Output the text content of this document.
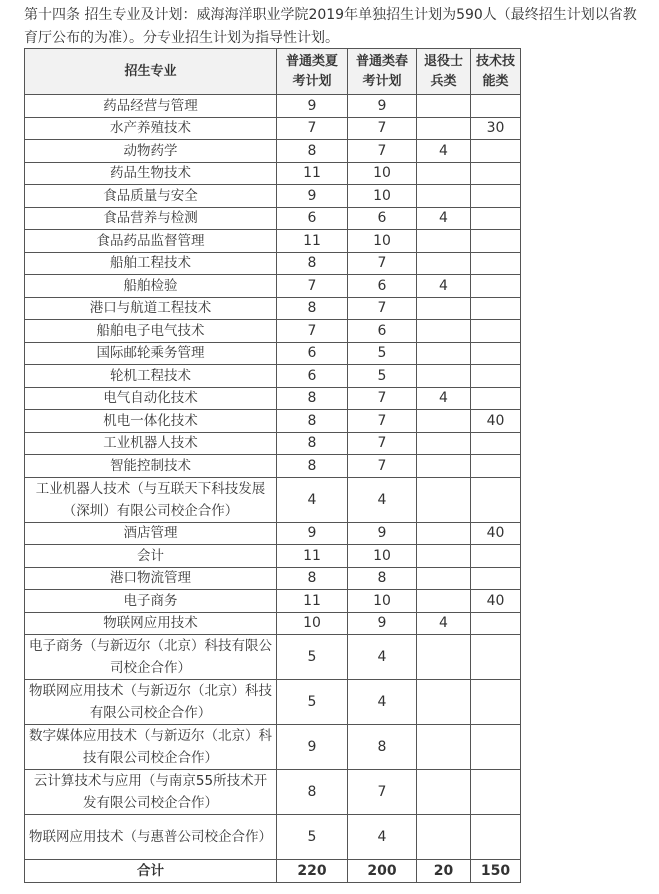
第十四条 招生专业及计划：威海海洋职业学院2019年单独招生计划为590人（最终招生计划以省教育厅公布的为准）。分专业招生计划为指导性计划。

招生专业	普通类夏考计划	普通类春考计划	退役士兵类	技术技能类
药品经营与管理	9	9		
水产养殖技术	7	7		30
动物药学	8	7	4	
药品生物技术	11	10		
食品质量与安全	9	10		
食品营养与检测	6	6	4	
食品药品监督管理	11	10		
船舶工程技术	8	7		
船舶检验	7	6	4	
港口与航道工程技术	8	7		
船舶电子电气技术	7	6		
国际邮轮乘务管理	6	5		
轮机工程技术	6	5		
电气自动化技术	8	7	4	
机电一体化技术	8	7		40
工业机器人技术	8	7		
智能控制技术	8	7		
工业机器人技术（与互联天下科技发展（深圳）有限公司校企合作）	4	4		
酒店管理	9	9		40
会计	11	10		
港口物流管理	8	8		
电子商务	11	10		40
物联网应用技术	10	9	4	
电子商务（与新迈尔（北京）科技有限公司校企合作）	5	4		
物联网应用技术（与新迈尔（北京）科技有限公司校企合作）	5	4		
数字媒体应用技术（与新迈尔（北京）科技有限公司校企合作）	9	8		
云计算技术与应用（与南京55所技术开发有限公司校企合作）	8	7		
物联网应用技术（与惠普公司校企合作）	5	4		
合计	220	200	20	150
